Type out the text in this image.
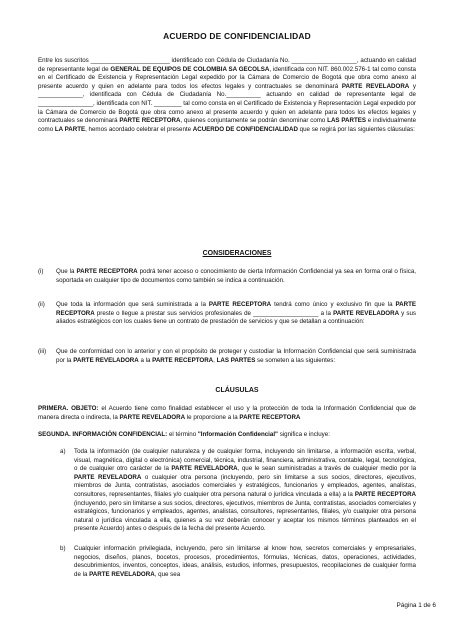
ACUERDO DE CONFIDENCIALIDAD

Entre los suscritos _______________________ identificado con Cédula de Ciudadanía No. ___________________, actuando en calidad de representante legal de GENERAL DE EQUIPOS DE COLOMBIA SA GECOLSA, identificada con NIT. 860.002.576-1 tal como consta en el Certificado de Existencia y Representación Legal expedido por la Cámara de Comercio de Bogotá que obra como anexo al presente acuerdo y quien en adelante para todos los efectos legales y contractuales se denominará PARTE REVELADORA y _____________, identificada con Cédula de Ciudadanía No.__________ actuando en calidad de representante legal de ________________, identificada con NIT. ________ tal como consta en el Certificado de Existencia y Representación Legal expedido por la Cámara de Comercio de Bogotá que obra como anexo al presente acuerdo y quien en adelante para todos los efectos legales y contractuales se denominará PARTE RECEPTORA, quienes conjuntamente se podrán denominar como LAS PARTES e individualmente como LA PARTE, hemos acordado celebrar el presente ACUERDO DE CONFIDENCIALIDAD que se regirá por las siguientes cláusulas:

CONSIDERACIONES
(i) Que la PARTE RECEPTORA podrá tener acceso o conocimiento de cierta Información Confidencial ya sea en forma oral o física, soportada en cualquier tipo de documentos como también se indica a continuación.
(ii) Que toda la información que será suministrada a la PARTE RECEPTORA tendrá como único y exclusivo fin que la PARTE RECEPTORA preste o llegue a prestar sus servicios profesionales de ___________________ a la PARTE REVELADORA y sus aliados estratégicos con los cuales tiene un contrato de prestación de servicios y que se detallan a continuación:
(iii) Que de conformidad con lo anterior y con el propósito de proteger y custodiar la Información Confidencial que será suministrada por la PARTE REVELADORA a la PARTE RECEPTORA, LAS PARTES se someten a las siguientes:
CLÁUSULAS

PRIMERA. OBJETO: el Acuerdo tiene como finalidad establecer el uso y la protección de toda la Información Confidencial que de manera directa o indirecta, la PARTE REVELADORA le proporcione a la PARTE RECEPTORA

SEGUNDA. INFORMACIÓN CONFIDENCIAL: el término "Información Confidencial" significa e incluye:

a) Toda la información (de cualquier naturaleza y de cualquier forma, incluyendo sin limitarse, a información escrita, verbal, visual, magnética, digital o electrónica) comercial, técnica, industrial, financiera, administrativa, contable, legal, tecnológica, o de cualquier otro carácter de la PARTE REVELADORA, que le sean suministradas a través de cualquier medio por la PARTE REVELADORA o cualquier otra persona (incluyendo, pero sin limitarse a sus socios, directores, ejecutivos, miembros de Junta, contratistas, asociados comerciales y estratégicos, funcionarios y empleados, agentes, analistas, consultores, representantes, filiales y/o cualquier otra persona natural o jurídica vinculada a ella) a la PARTE RECEPTORA (incluyendo, pero sin limitarse a sus socios, directores, ejecutivos, miembros de Junta, contratistas, asociados comerciales y estratégicos, funcionarios y empleados, agentes, analistas, consultores, representantes, filiales, y/o cualquier otra persona natural o jurídica vinculada a ella, quienes a su vez deberán conocer y aceptar los mismos términos planteados en el presente Acuerdo) antes o después de la fecha del presente Acuerdo.
b) Cualquier información privilegiada, incluyendo, pero sin limitarse al know how, secretos comerciales y empresariales, negocios, diseños, planos, bocetos, procesos, procedimientos, fórmulas, técnicas, datos, operaciones, actividades, descubrimientos, inventos, conceptos, ideas, análisis, estudios, informes, presupuestos, recopilaciones de cualquier forma de la PARTE REVELADORA, que sea
Página 1 de 6
